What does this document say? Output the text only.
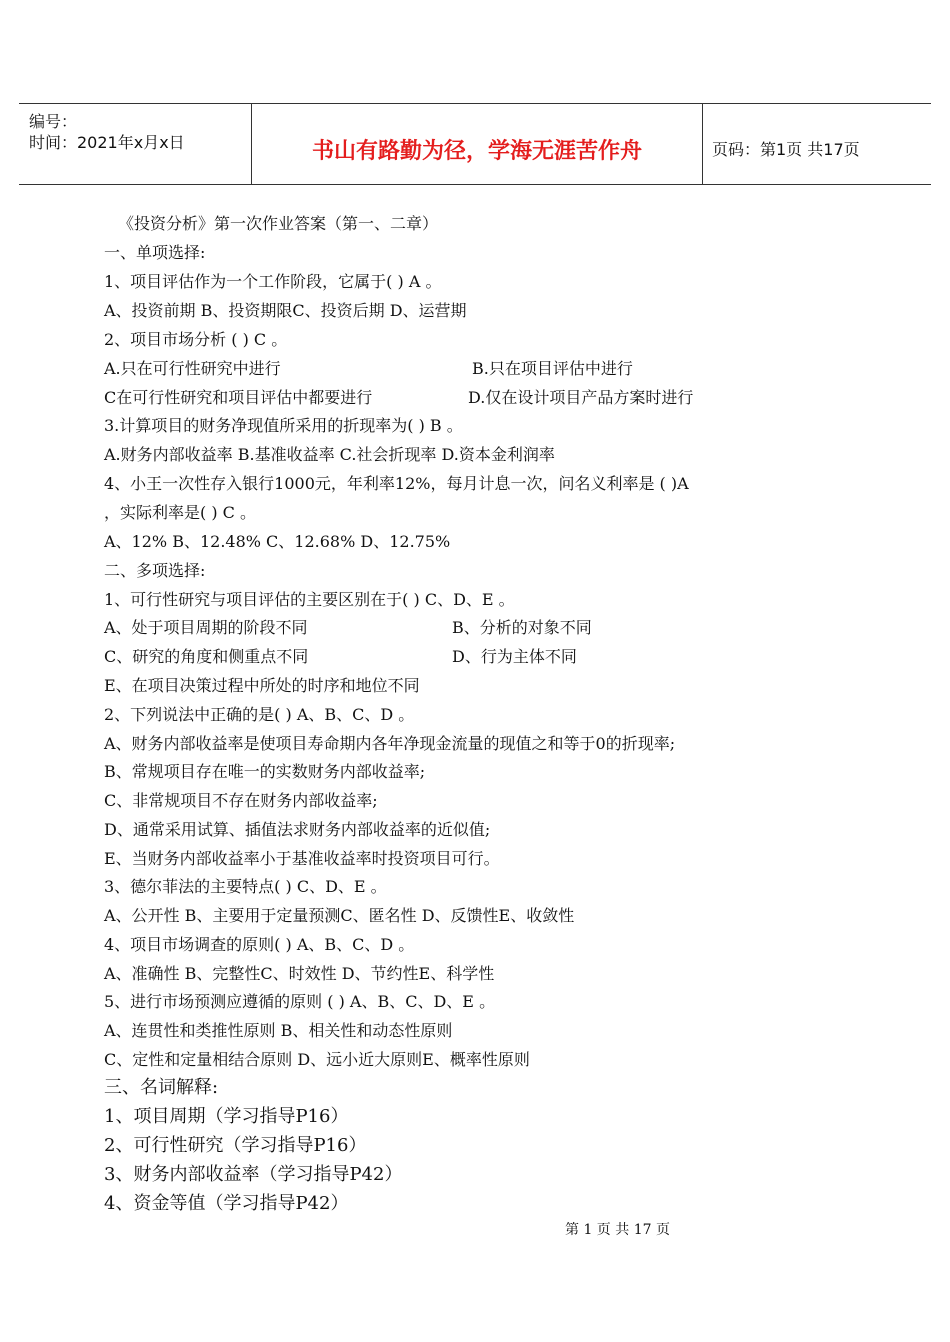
编号：
时间：2021年x月x日	书山有路勤为径，学海无涯苦作舟	页码：第1页 共17页
《投资分析》第一次作业答案（第一、二章）
一、单项选择:
1、项目评估作为一个工作阶段，它属于( ) A 。
A、投资前期 B、投资期限C、投资后期 D、运营期
2、项目市场分析 ( ) C 。
A.只在可行性研究中进行	B.只在项目评估中进行
C在可行性研究和项目评估中都要进行	D.仅在设计项目产品方案时进行
3.计算项目的财务净现值所采用的折现率为( ) B 。
A.财务内部收益率 B.基准收益率 C.社会折现率 D.资本金利润率
4、小王一次性存入银行1000元，年利率12%，每月计息一次，问名义利率是 ( )A
，实际利率是( ) C 。
A、12% B、12.48% C、12.68% D、12.75%
二、多项选择:
1、可行性研究与项目评估的主要区别在于( ) C、D、E 。
A、处于项目周期的阶段不同	B、分析的对象不同
C、研究的角度和侧重点不同	D、行为主体不同
E、在项目决策过程中所处的时序和地位不同
2、下列说法中正确的是( ) A、B、C、D 。
A、财务内部收益率是使项目寿命期内各年净现金流量的现值之和等于0的折现率;
B、常规项目存在唯一的实数财务内部收益率;
C、非常规项目不存在财务内部收益率;
D、通常采用试算、插值法求财务内部收益率的近似值;
E、当财务内部收益率小于基准收益率时投资项目可行。
3、德尔菲法的主要特点( ) C、D、E 。
A、公开性 B、主要用于定量预测C、匿名性 D、反馈性E、收敛性
4、项目市场调查的原则( ) A、B、C、D 。
A、准确性 B、完整性C、时效性 D、节约性E、科学性
5、进行市场预测应遵循的原则 ( ) A、B、C、D、E 。
A、连贯性和类推性原则 B、相关性和动态性原则
C、定性和定量相结合原则 D、远小近大原则E、概率性原则
三、名词解释:
1、项目周期（学习指导P16）
2、可行性研究（学习指导P16）
3、财务内部收益率（学习指导P42）
4、资金等值（学习指导P42）
第 1 页 共 17 页
